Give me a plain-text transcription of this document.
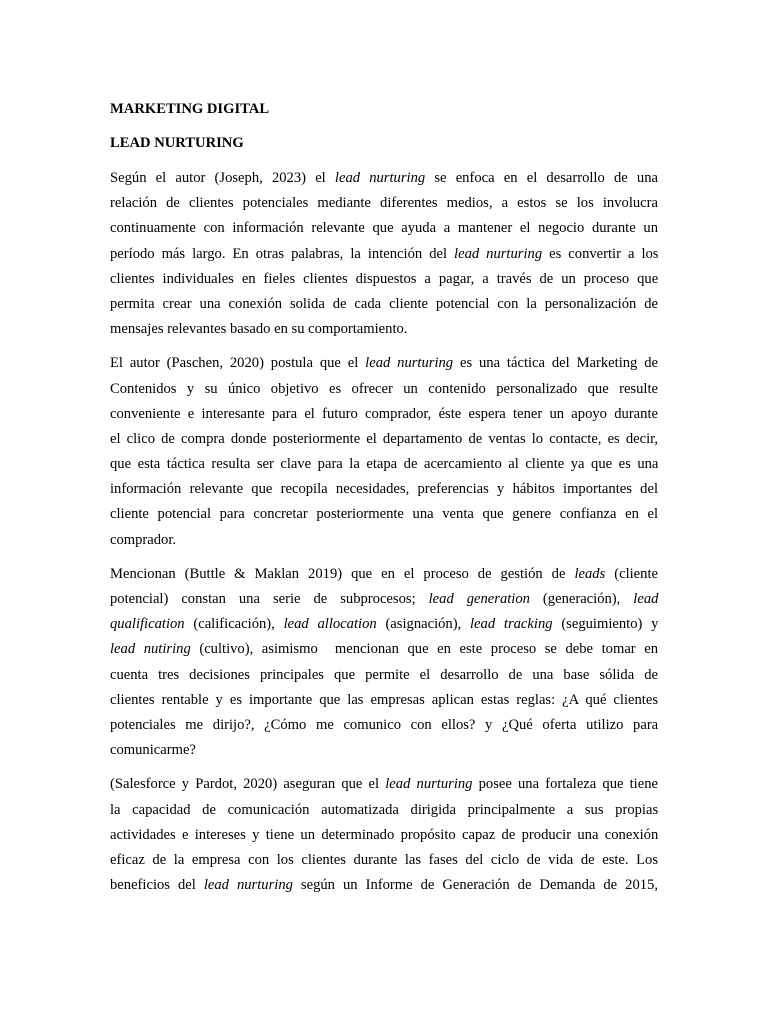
MARKETING DIGITAL

LEAD NURTURING

Según el autor (Joseph, 2023) el lead nurturing se enfoca en el desarrollo de una
relación de clientes potenciales mediante diferentes medios, a estos se los involucra
continuamente con información relevante que ayuda a mantener el negocio durante un
período más largo. En otras palabras, la intención del lead nurturing es convertir a los
clientes individuales en fieles clientes dispuestos a pagar, a través de un proceso que
permita crear una conexión solida de cada cliente potencial con la personalización de
mensajes relevantes basado en su comportamiento.

El autor (Paschen, 2020) postula que el lead nurturing es una táctica del Marketing de
Contenidos y su único objetivo es ofrecer un contenido personalizado que resulte
conveniente e interesante para el futuro comprador, éste espera tener un apoyo durante
el clico de compra donde posteriormente el departamento de ventas lo contacte, es decir,
que esta táctica resulta ser clave para la etapa de acercamiento al cliente ya que es una
información relevante que recopila necesidades, preferencias y hábitos importantes del
cliente potencial para concretar posteriormente una venta que genere confianza en el
comprador.

Mencionan (Buttle & Maklan 2019) que en el proceso de gestión de leads (cliente
potencial) constan una serie de subprocesos; lead generation (generación), lead
qualification (calificación), lead allocation (asignación), lead tracking (seguimiento) y
lead nutiring (cultivo), asimismo  mencionan que en este proceso se debe tomar en
cuenta tres decisiones principales que permite el desarrollo de una base sólida de
clientes rentable y es importante que las empresas aplican estas reglas: ¿A qué clientes
potenciales me dirijo?, ¿Cómo me comunico con ellos? y ¿Qué oferta utilizo para
comunicarme?

(Salesforce y Pardot, 2020) aseguran que el lead nurturing posee una fortaleza que tiene
la capacidad de comunicación automatizada dirigida principalmente a sus propias
actividades e intereses y tiene un determinado propósito capaz de producir una conexión
eficaz de la empresa con los clientes durante las fases del ciclo de vida de este. Los
beneficios del lead nurturing según un Informe de Generación de Demanda de 2015,
